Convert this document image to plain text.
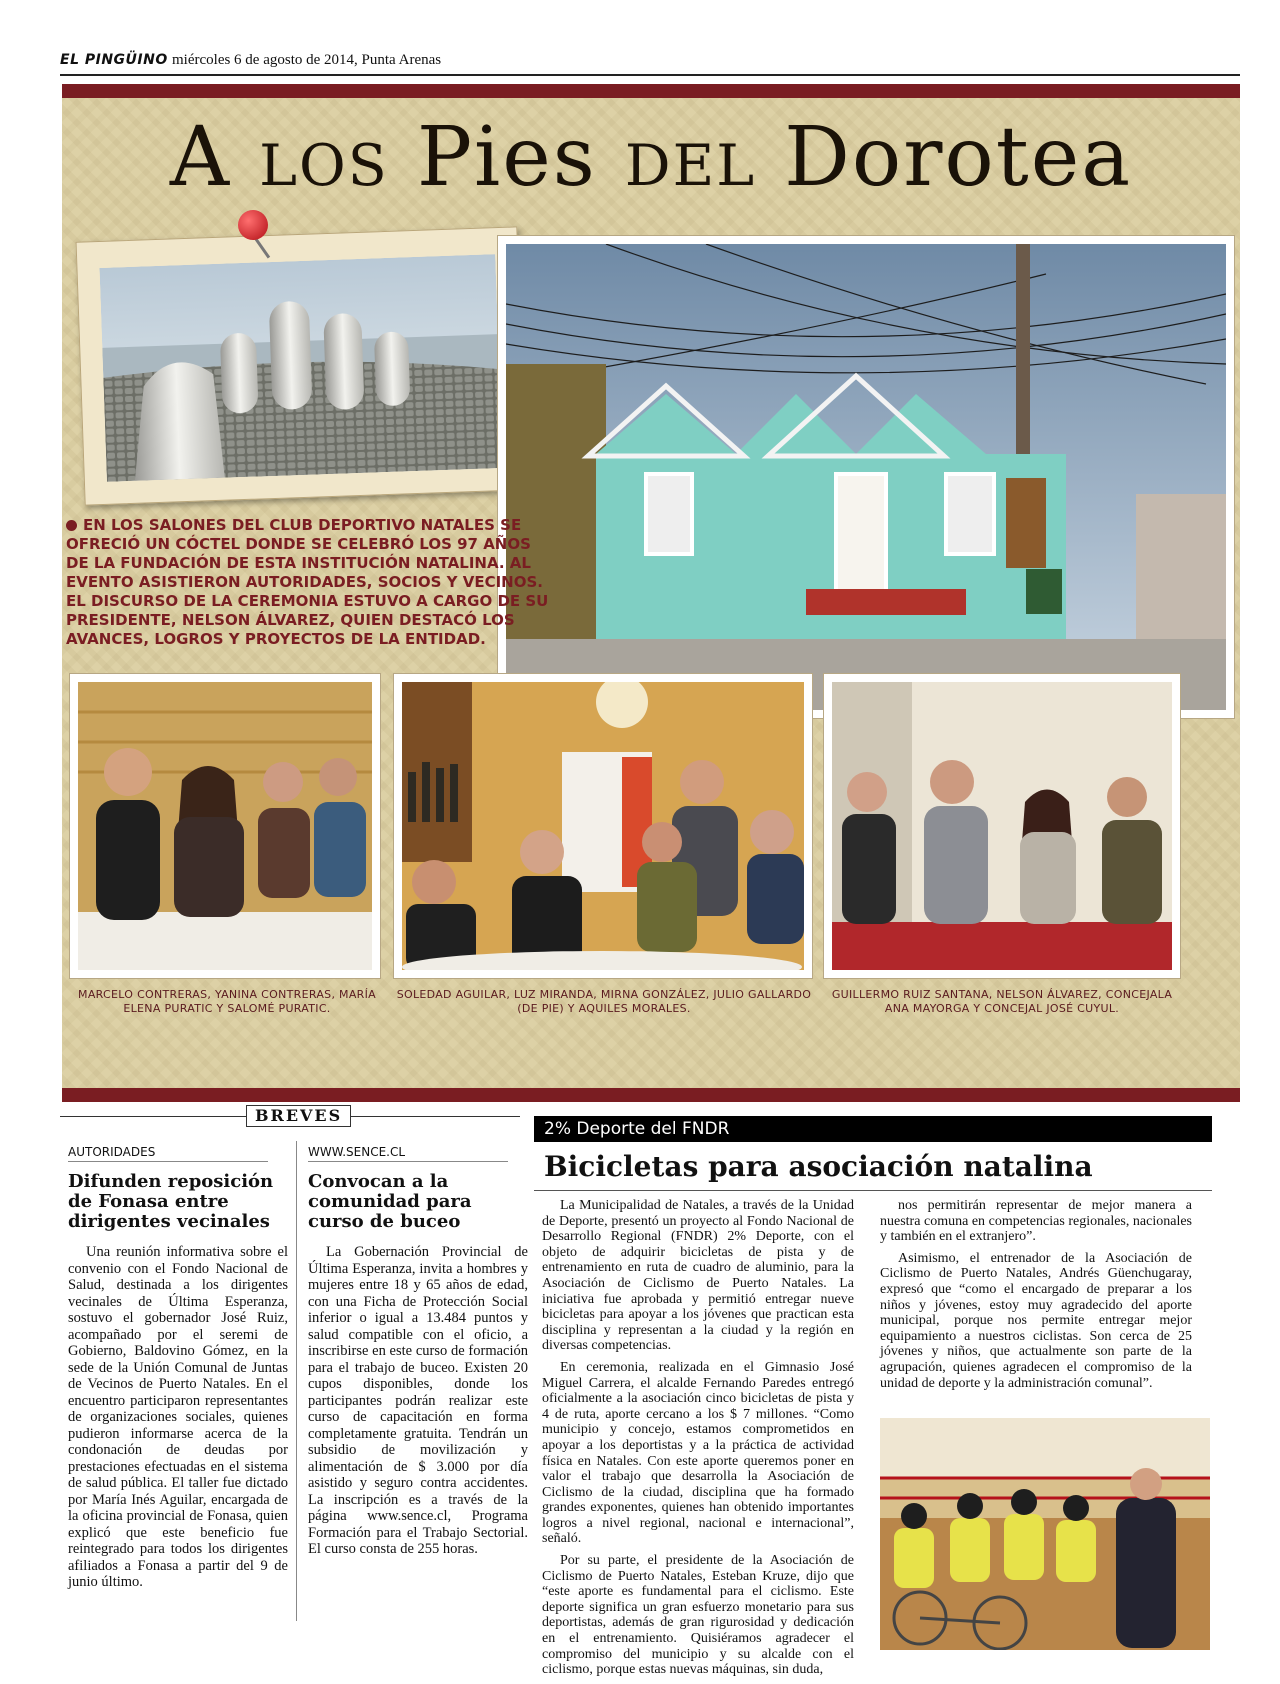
EL PINGÜINO miércoles 6 de agosto de 2014, Punta Arenas
A los Pies del Dorotea
EN LOS SALONES DEL CLUB DEPORTIVO NATALES SE OFRECIÓ UN CÓCTEL DONDE SE CELEBRÓ LOS 97 AÑOS DE LA FUNDACIÓN DE ESTA INSTITUCIÓN NATALINA. AL EVENTO ASISTIERON AUTORIDADES, SOCIOS Y VECINOS. EL DISCURSO DE LA CEREMONIA ESTUVO A CARGO DE SU PRESIDENTE, NELSON ÁLVAREZ, QUIEN DESTACÓ LOS AVANCES, LOGROS Y PROYECTOS DE LA ENTIDAD.
MARCELO CONTRERAS, YANINA CONTRERAS, MARÍA ELENA PURATIC Y SALOMÉ PURATIC.
SOLEDAD AGUILAR, LUZ MIRANDA, MIRNA GONZÁLEZ, JULIO GALLARDO (DE PIE) Y AQUILES MORALES.
GUILLERMO RUIZ SANTANA, NELSON ÁLVAREZ, CONCEJALA ANA MAYORGA Y CONCEJAL JOSÉ CUYUL.
BREVES
AUTORIDADES
Difunden reposición de Fonasa entre dirigentes vecinales
Una reunión informativa sobre el convenio con el Fondo Nacional de Salud, destinada a los dirigentes vecinales de Última Esperanza, sostuvo el gobernador José Ruiz, acompañado por el seremi de Gobierno, Baldovino Gómez, en la sede de la Unión Comunal de Juntas de Vecinos de Puerto Natales. En el encuentro participaron representantes de organizaciones sociales, quienes pudieron informarse acerca de la condonación de deudas por prestaciones efectuadas en el sistema de salud pública. El taller fue dictado por María Inés Aguilar, encargada de la oficina provincial de Fonasa, quien explicó que este beneficio fue reintegrado para todos los dirigentes afiliados a Fonasa a partir del 9 de junio último.
WWW.SENCE.CL
Convocan a la comunidad para curso de buceo
La Gobernación Provincial de Última Esperanza, invita a hombres y mujeres entre 18 y 65 años de edad, con una Ficha de Protección Social inferior o igual a 13.484 puntos y salud compatible con el oficio, a inscribirse en este curso de formación para el trabajo de buceo. Existen 20 cupos disponibles, donde los participantes podrán realizar este curso de capacitación en forma completamente gratuita. Tendrán un subsidio de movilización y alimentación de $ 3.000 por día asistido y seguro contra accidentes. La inscripción es a través de la página www.sence.cl, Programa Formación para el Trabajo Sectorial. El curso consta de 255 horas.
2% Deporte del FNDR
Bicicletas para asociación natalina

La Municipalidad de Natales, a través de la Unidad de Deporte, presentó un proyecto al Fondo Nacional de Desarrollo Regional (FNDR) 2% Deporte, con el objeto de adquirir bicicletas de pista y de entrenamiento en ruta de cuadro de aluminio, para la Asociación de Ciclismo de Puerto Natales. La iniciativa fue aprobada y permitió entregar nueve bicicletas para apoyar a los jóvenes que practican esta disciplina y representan a la ciudad y la región en diversas competencias.

En ceremonia, realizada en el Gimnasio José Miguel Carrera, el alcalde Fernando Paredes entregó oficialmente a la asociación cinco bicicletas de pista y 4 de ruta, aporte cercano a los $ 7 millones. “Como municipio y concejo, estamos comprometidos en apoyar a los deportistas y a la práctica de actividad física en Natales. Con este aporte queremos poner en valor el trabajo que desarrolla la Asociación de Ciclismo de la ciudad, disciplina que ha formado grandes exponentes, quienes han obtenido importantes logros a nivel regional, nacional e internacional”, señaló.

Por su parte, el presidente de la Asociación de Ciclismo de Puerto Natales, Esteban Kruze, dijo que “este aporte es fundamental para el ciclismo. Este deporte significa un gran esfuerzo monetario para sus deportistas, además de gran rigurosidad y dedicación en el entrenamiento. Quisiéramos agradecer el compromiso del municipio y su alcalde con el ciclismo, porque estas nuevas máquinas, sin duda,

nos permitirán representar de mejor manera a nuestra comuna en competencias regionales, nacionales y también en el extranjero”.

Asimismo, el entrenador de la Asociación de Ciclismo de Puerto Natales, Andrés Güenchugaray, expresó que “como el encargado de preparar a los niños y jóvenes, estoy muy agradecido del aporte municipal, porque nos permite entregar mejor equipamiento a nuestros ciclistas. Son cerca de 25 jóvenes y niños, que actualmente son parte de la agrupación, quienes agradecen el compromiso de la unidad de deporte y la administración comunal”.
